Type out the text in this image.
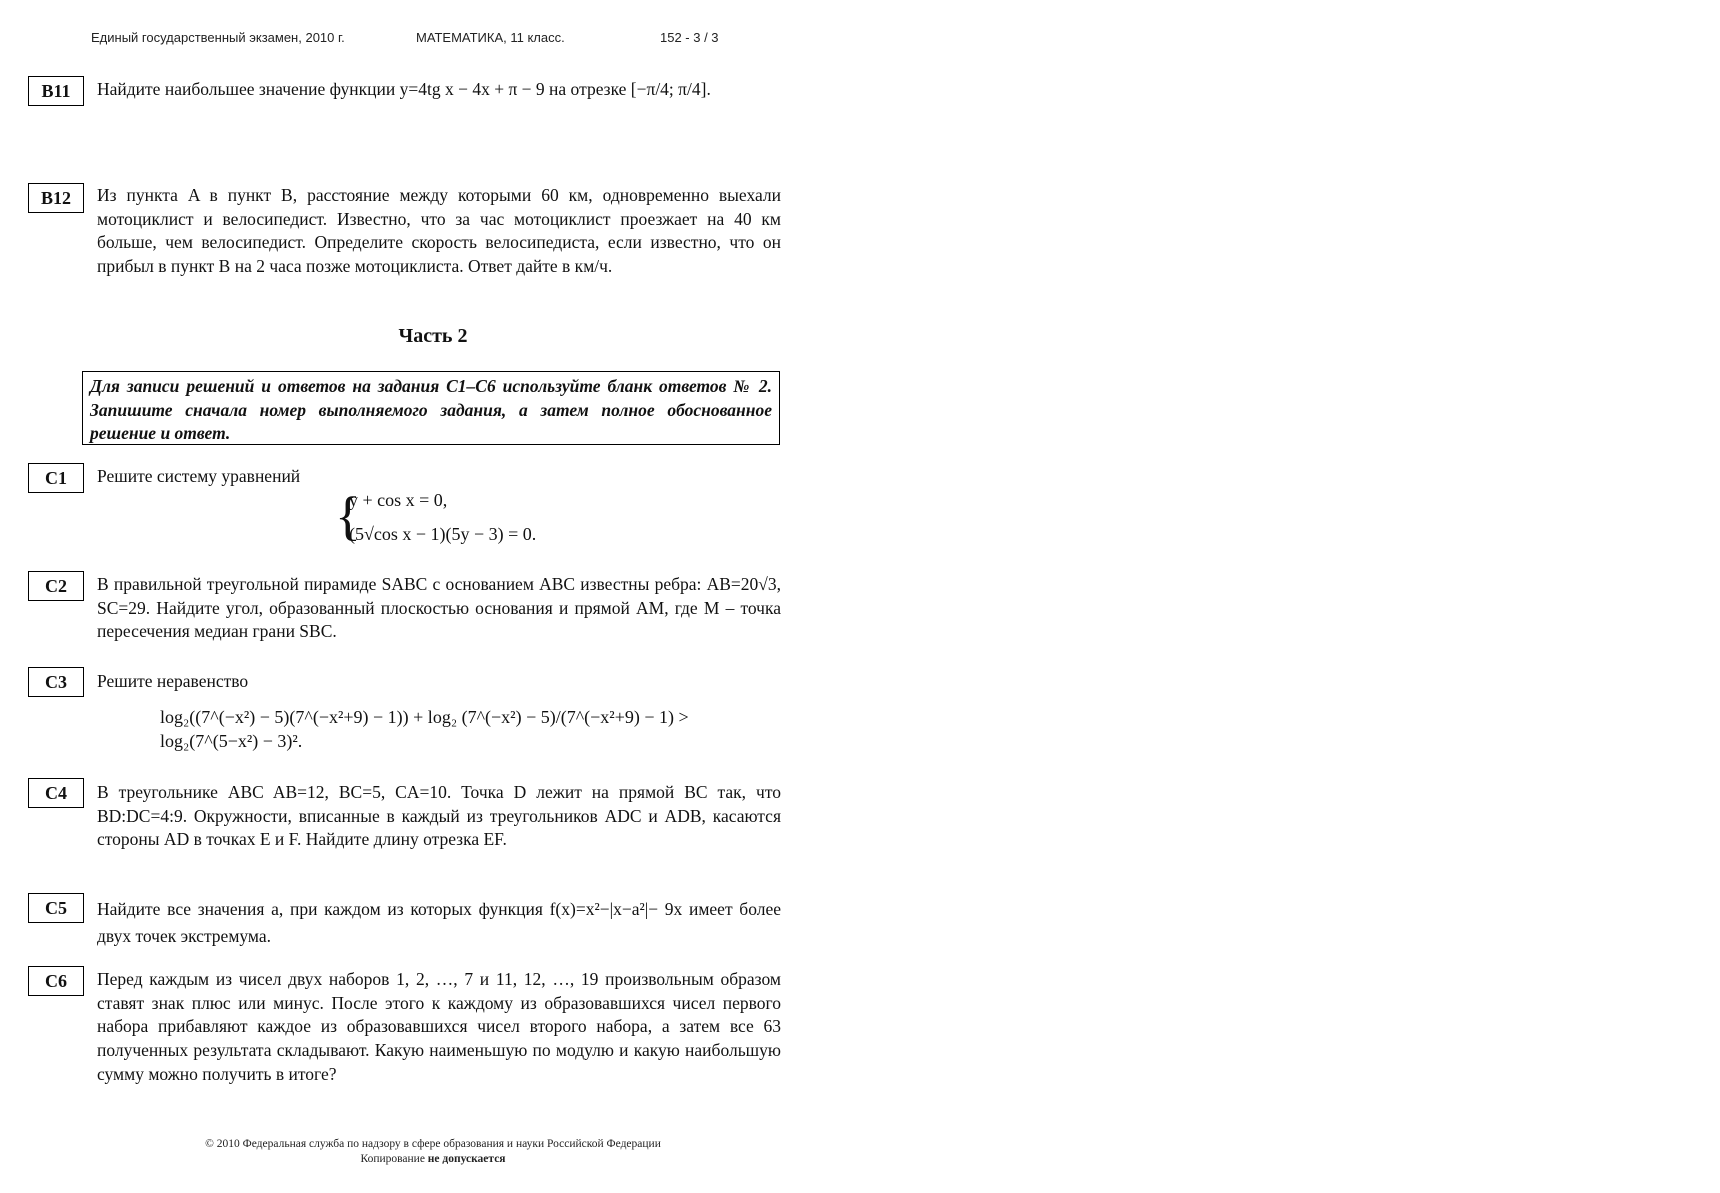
Единый государственный экзамен, 2010 г.	МАТЕМАТИКА, 11 класс.	152 - 3 / 3
B11	Найдите наибольшее значение функции y=4tg x − 4x + π − 9 на отрезке [−π/4; π/4].
B12	Из пункта A в пункт B, расстояние между которыми 60 км, одновременно выехали мотоциклист и велосипедист. Известно, что за час мотоциклист проезжает на 40 км больше, чем велосипедист. Определите скорость велосипедиста, если известно, что он прибыл в пункт B на 2 часа позже мотоциклиста. Ответ дайте в км/ч.
Часть 2
Для записи решений и ответов на задания С1–С6 используйте бланк ответов № 2. Запишите сначала номер выполняемого задания, а затем полное обоснованное решение и ответ.
C1	Решите систему уравнений
{
y + cos x = 0,
(5√cos x − 1)(5y − 3) = 0.
C2	В правильной треугольной пирамиде SABC с основанием ABC известны ребра: AB=20√3, SC=29. Найдите угол, образованный плоскостью основания и прямой AM, где M – точка пересечения медиан грани SBC.
C3	Решите неравенство
log₂((7^(−x²) − 5)(7^(−x²+9) − 1)) + log₂ (7^(−x²) − 5)/(7^(−x²+9) − 1) > log₂(7^(5−x²) − 3)².
C4	В треугольнике ABC AB=12, BC=5, CA=10. Точка D лежит на прямой BC так, что BD:DC=4:9. Окружности, вписанные в каждый из треугольников ADC и ADB, касаются стороны AD в точках E и F. Найдите длину отрезка EF.
C5	Найдите все значения a, при каждом из которых функция f(x)=x²−|x−a²|− 9x имеет более двух точек экстремума.
C6	Перед каждым из чисел двух наборов 1, 2, …, 7 и 11, 12, …, 19 произвольным образом ставят знак плюс или минус. После этого к каждому из образовавшихся чисел первого набора прибавляют каждое из образовавшихся чисел второго набора, а затем все 63 полученных результата складывают. Какую наименьшую по модулю и какую наибольшую сумму можно получить в итоге?
© 2010 Федеральная служба по надзору в сфере образования и науки Российской Федерации
Копирование не допускается
